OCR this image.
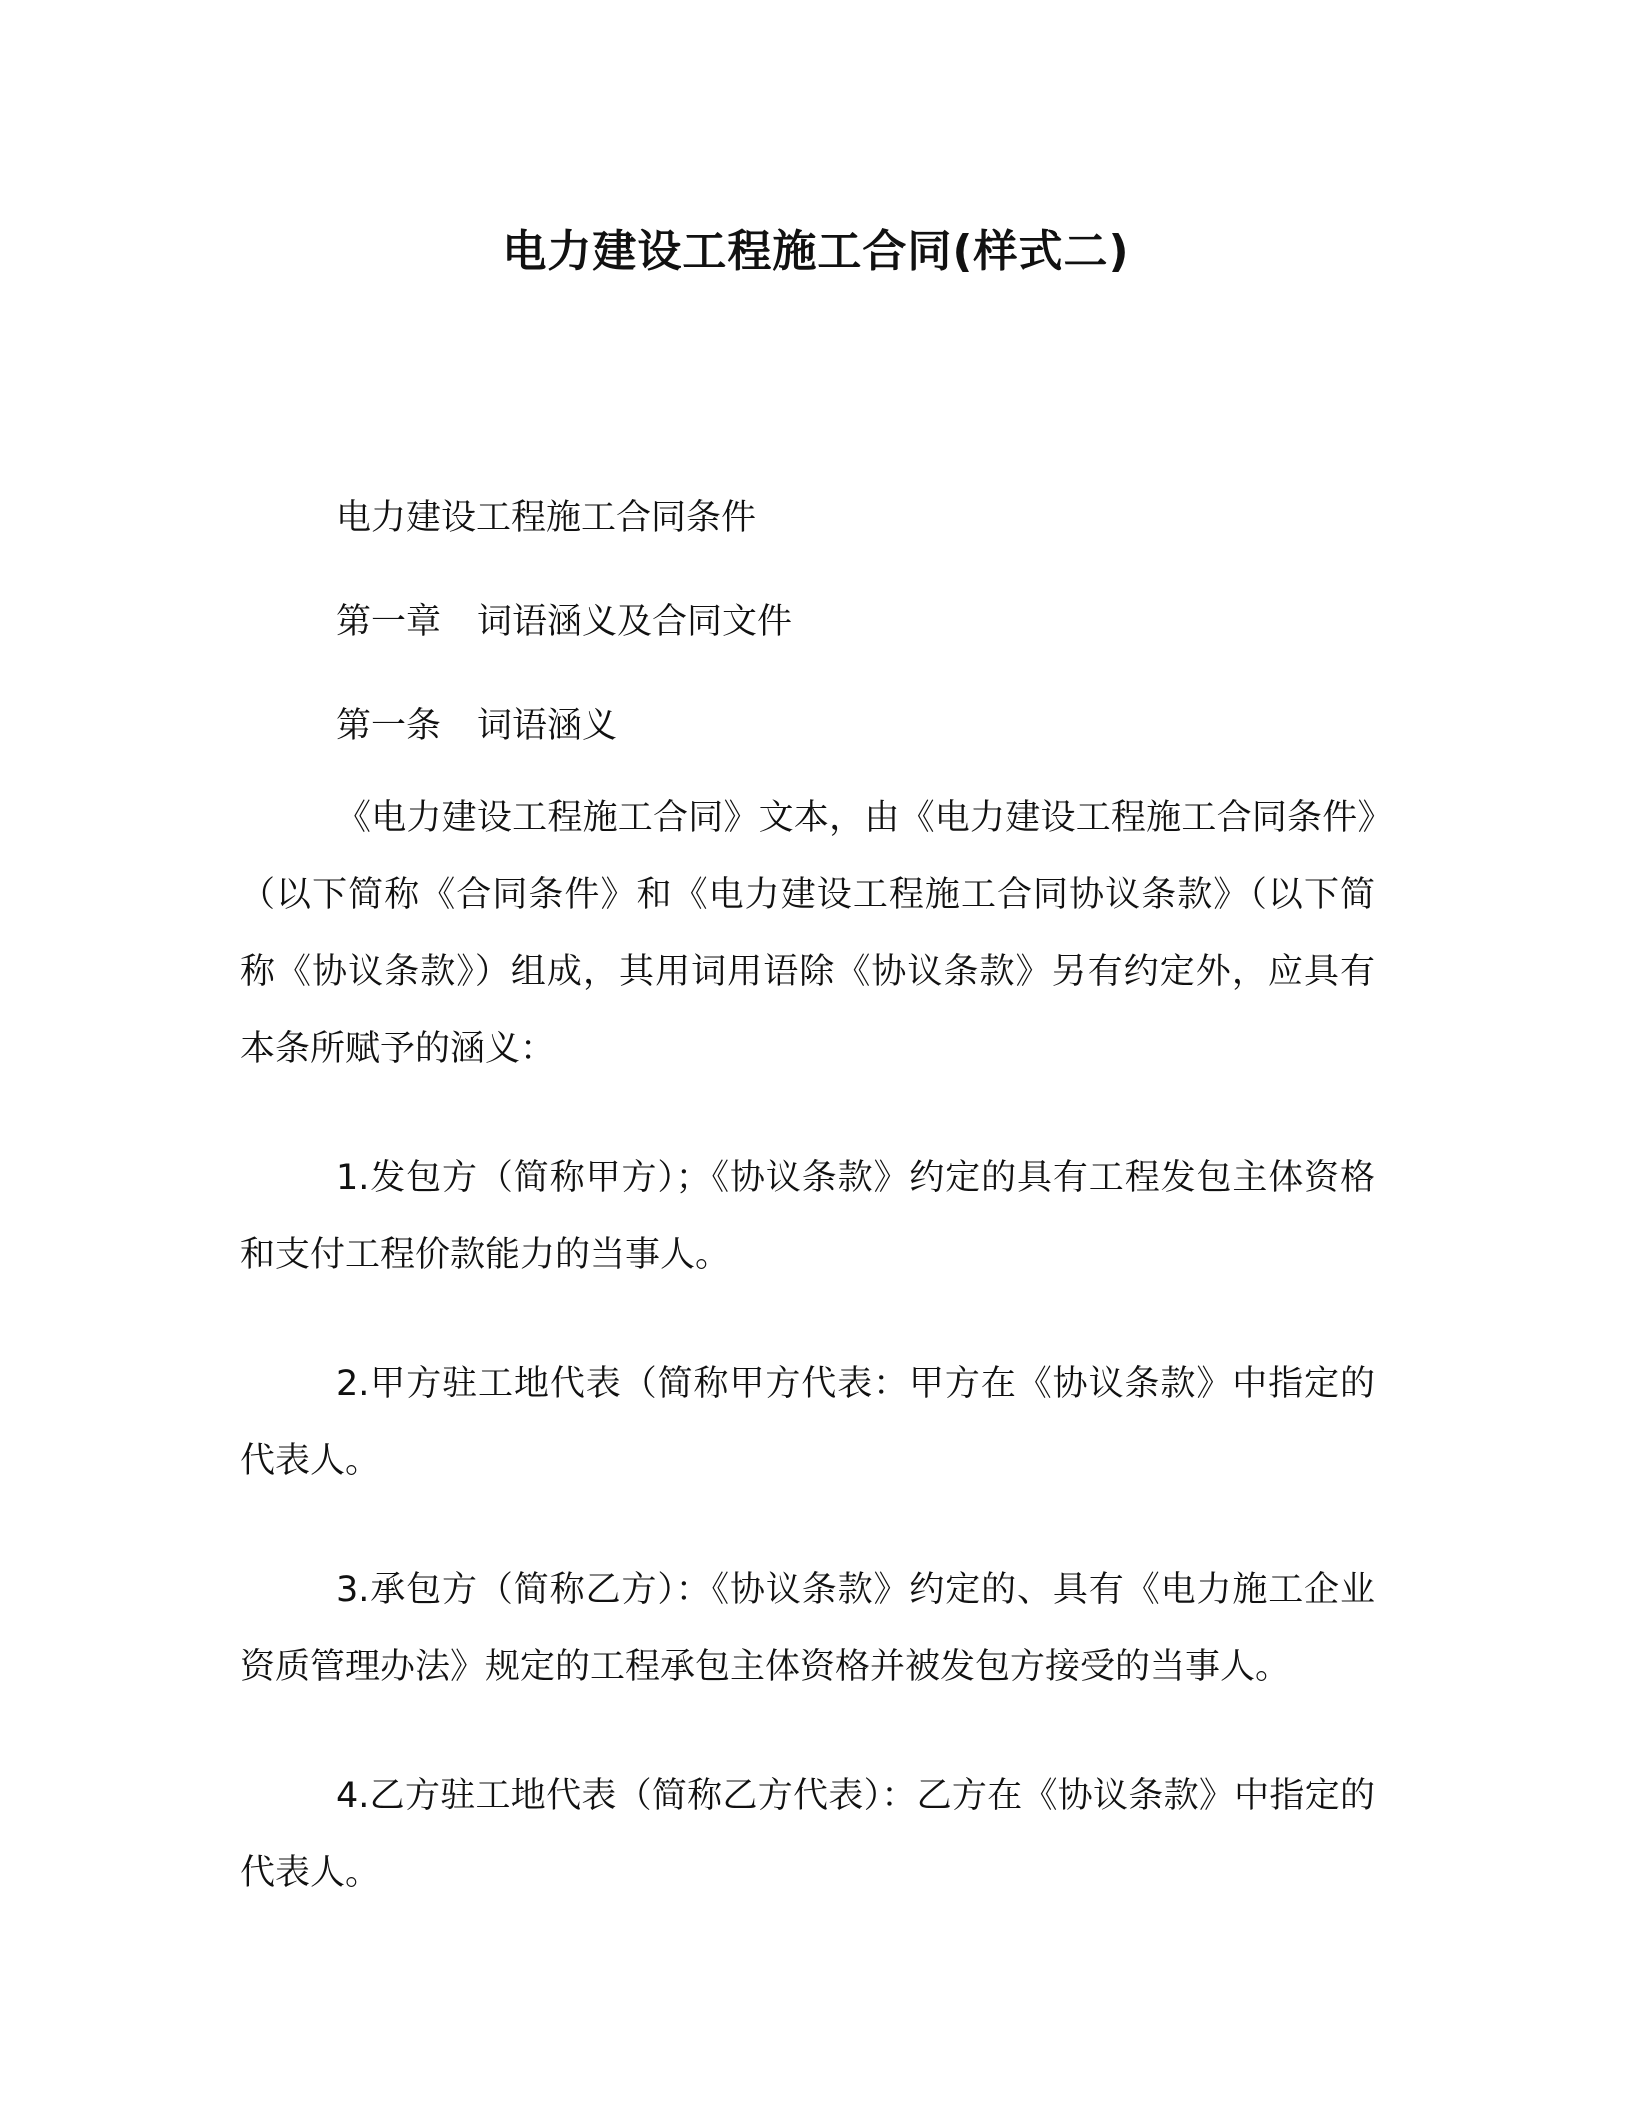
电力建设工程施工合同(样式二)
电力建设工程施工合同条件
第一章 词语涵义及合同文件
第一条 词语涵义

《电力建设工程施工合同》文本，由《电力建设工程施工合同条件》（以下简称《合同条件》和《电力建设工程施工合同协议条款》（以下简称《协议条款》）组成，其用词用语除《协议条款》另有约定外，应具有本条所赋予的涵义：

1.发包方（简称甲方）；《协议条款》约定的具有工程发包主体资格和支付工程价款能力的当事人。

2.甲方驻工地代表（简称甲方代表：甲方在《协议条款》中指定的代表人。

3.承包方（简称乙方）：《协议条款》约定的、具有《电力施工企业资质管理办法》规定的工程承包主体资格并被发包方接受的当事人。

4.乙方驻工地代表（简称乙方代表）：乙方在《协议条款》中指定的代表人。
